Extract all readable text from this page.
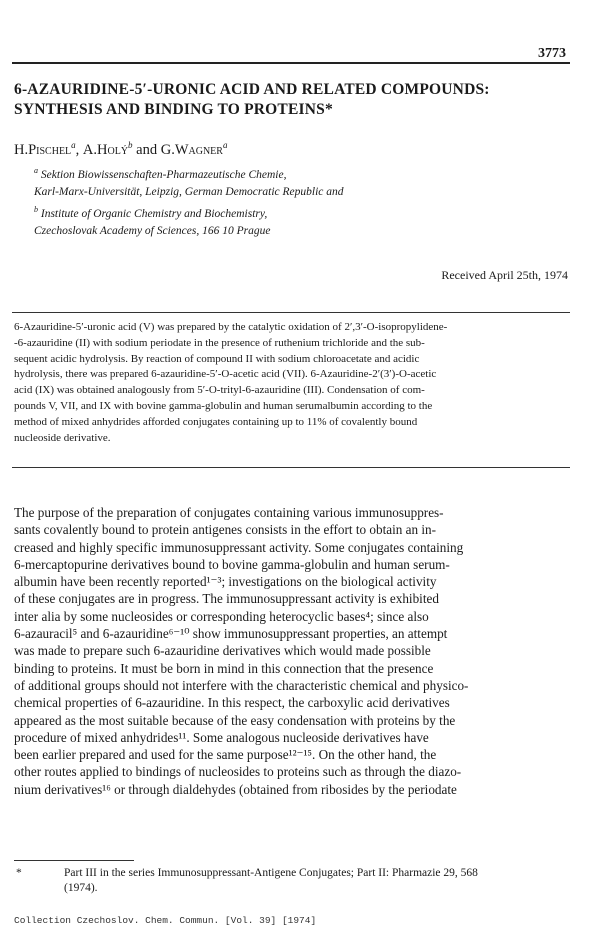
3773
6-AZAURIDINE-5′-URONIC ACID AND RELATED COMPOUNDS:
SYNTHESIS AND BINDING TO PROTEINS*
H.Pischel$^a$, A.Holý$^b$ and G.Wagner$^a$
$^a$ Sektion Biowissenschaften-Pharmazeutische Chemie,
Karl-Marx-Universität, Leipzig, German Democratic Republic and
$^b$ Institute of Organic Chemistry and Biochemistry,
Czechoslovak Academy of Sciences, 166 10 Prague
Received April 25th, 1974
6-Azauridine-5′-uronic acid (V) was prepared by the catalytic oxidation of 2′,3′-O-isopropylidene-
-6-azauridine (II) with sodium periodate in the presence of ruthenium trichloride and the sub-
sequent acidic hydrolysis. By reaction of compound II with sodium chloroacetate and acidic
hydrolysis, there was prepared 6-azauridine-5′-O-acetic acid (VII). 6-Azauridine-2′(3′)-O-acetic
acid (IX) was obtained analogously from 5′-O-trityl-6-azauridine (III). Condensation of com-
pounds V, VII, and IX with bovine gamma-globulin and human serumalbumin according to the
method of mixed anhydrides afforded conjugates containing up to 11% of covalently bound
nucleoside derivative.
The purpose of the preparation of conjugates containing various immunosuppres-
sants covalently bound to protein antigenes consists in the effort to obtain an in-
creased and highly specific immunosuppressant activity. Some conjugates containing
6-mercaptopurine derivatives bound to bovine gamma-globulin and human serum-
albumin have been recently reported¹⁻³; investigations on the biological activity
of these conjugates are in progress. The immunosuppressant activity is exhibited
inter alia by some nucleosides or corresponding heterocyclic bases⁴; since also
6-azauracil⁵ and 6-azauridine⁶⁻¹⁰ show immunosuppressant properties, an attempt
was made to prepare such 6-azauridine derivatives which would made possible
binding to proteins. It must be born in mind in this connection that the presence
of additional groups should not interfere with the characteristic chemical and physico-
chemical properties of 6-azauridine. In this respect, the carboxylic acid derivatives
appeared as the most suitable because of the easy condensation with proteins by the
procedure of mixed anhydrides¹¹. Some analogous nucleoside derivatives have
been earlier prepared and used for the same purpose¹²⁻¹⁵. On the other hand, the
other routes applied to bindings of nucleosides to proteins such as through the diazo-
nium derivatives¹⁶ or through dialdehydes (obtained from ribosides by the periodate
*	Part III in the series Immunosuppressant-Antigene Conjugates; Part II: Pharmazie 29, 568
(1974).
Collection Czechoslov. Chem. Commun. [Vol. 39] [1974]
